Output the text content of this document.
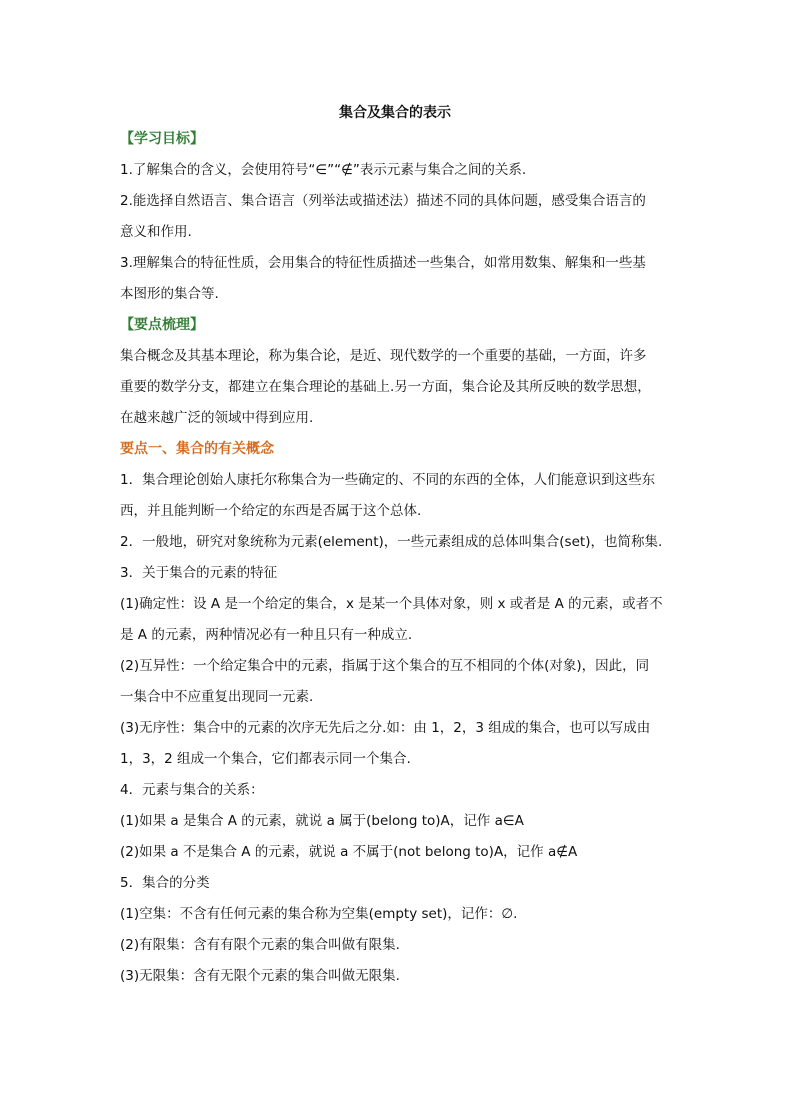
集合及集合的表示
【学习目标】
1.了解集合的含义，会使用符号“∈”“∉”表示元素与集合之间的关系.
2.能选择自然语言、集合语言（列举法或描述法）描述不同的具体问题，感受集合语言的
意义和作用.
3.理解集合的特征性质，会用集合的特征性质描述一些集合，如常用数集、解集和一些基
本图形的集合等.
【要点梳理】
集合概念及其基本理论，称为集合论，是近、现代数学的一个重要的基础，一方面，许多
重要的数学分支，都建立在集合理论的基础上.另一方面，集合论及其所反映的数学思想，
在越来越广泛的领域中得到应用.
要点一、集合的有关概念
1．集合理论创始人康托尔称集合为一些确定的、不同的东西的全体，人们能意识到这些东
西，并且能判断一个给定的东西是否属于这个总体.
2．一般地，研究对象统称为元素(element)，一些元素组成的总体叫集合(set)，也简称集.
3．关于集合的元素的特征
(1)确定性：设 A 是一个给定的集合，x 是某一个具体对象，则 x 或者是 A 的元素，或者不
是 A 的元素，两种情况必有一种且只有一种成立.
(2)互异性：一个给定集合中的元素，指属于这个集合的互不相同的个体(对象)，因此，同
一集合中不应重复出现同一元素.
(3)无序性：集合中的元素的次序无先后之分.如：由 1，2，3 组成的集合，也可以写成由
1，3，2 组成一个集合，它们都表示同一个集合.
4．元素与集合的关系：
(1)如果 a 是集合 A 的元素，就说 a 属于(belong to)A，记作 a∈A
(2)如果 a 不是集合 A 的元素，就说 a 不属于(not belong to)A，记作 a∉A
5．集合的分类
(1)空集：不含有任何元素的集合称为空集(empty set)，记作：∅.
(2)有限集：含有有限个元素的集合叫做有限集.
(3)无限集：含有无限个元素的集合叫做无限集.
